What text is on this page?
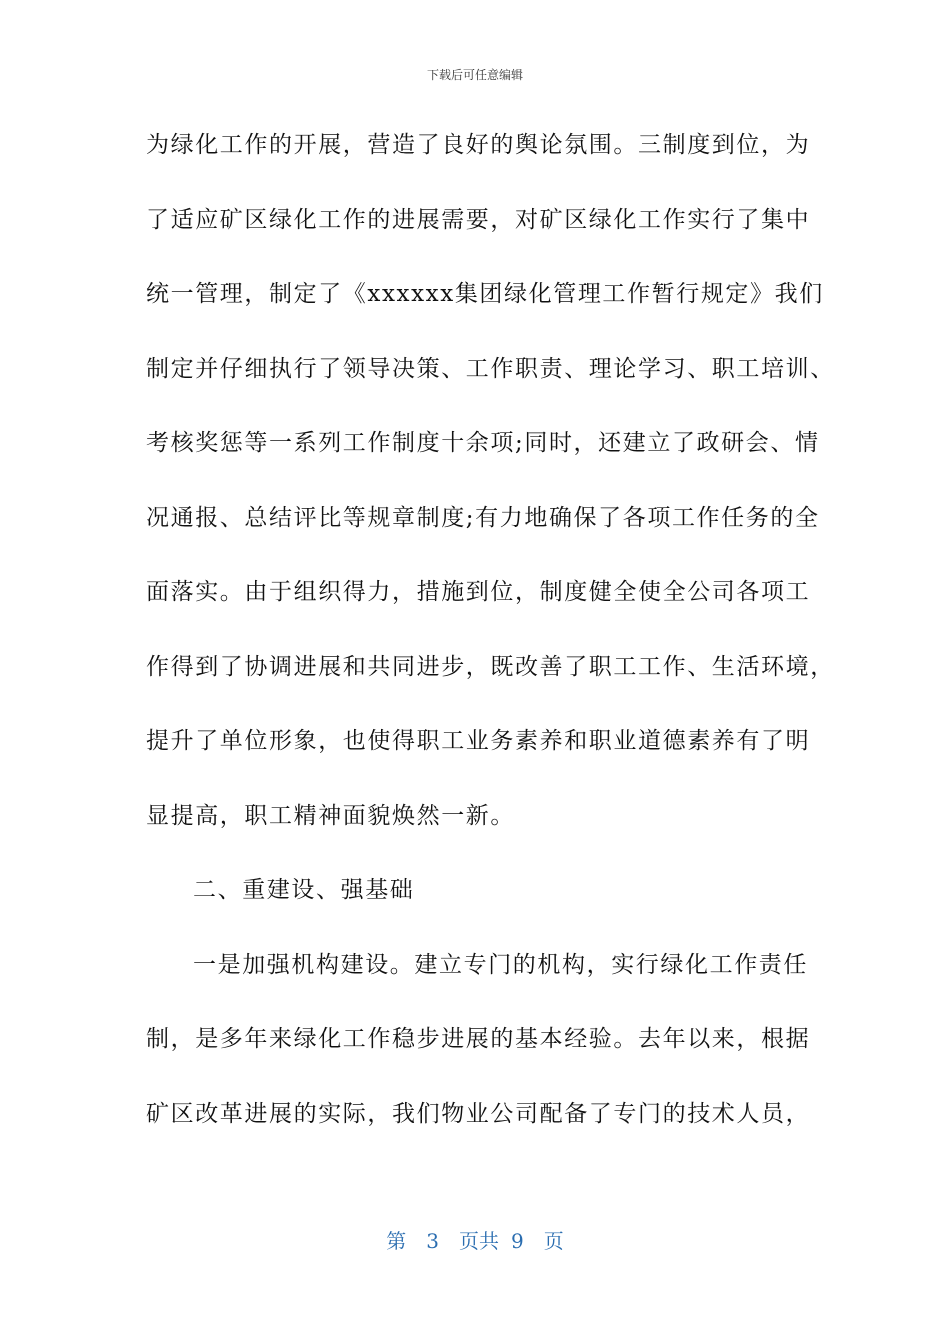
下载后可任意编辑
为绿化工作的开展，营造了良好的舆论氛围。三制度到位，为
了适应矿区绿化工作的进展需要，对矿区绿化工作实行了集中
统一管理，制定了《xxxxxx集团绿化管理工作暂行规定》我们
制定并仔细执行了领导决策、工作职责、理论学习、职工培训、
考核奖惩等一系列工作制度十余项;同时，还建立了政研会、情
况通报、总结评比等规章制度;有力地确保了各项工作任务的全
面落实。由于组织得力，措施到位，制度健全使全公司各项工
作得到了协调进展和共同进步，既改善了职工工作、生活环境，
提升了单位形象，也使得职工业务素养和职业道德素养有了明
显提高，职工精神面貌焕然一新。
二、重建设、强基础
一是加强机构建设。建立专门的机构，实行绿化工作责任
制，是多年来绿化工作稳步进展的基本经验。去年以来，根据
矿区改革进展的实际，我们物业公司配备了专门的技术人员，
第 3 页共 9 页
